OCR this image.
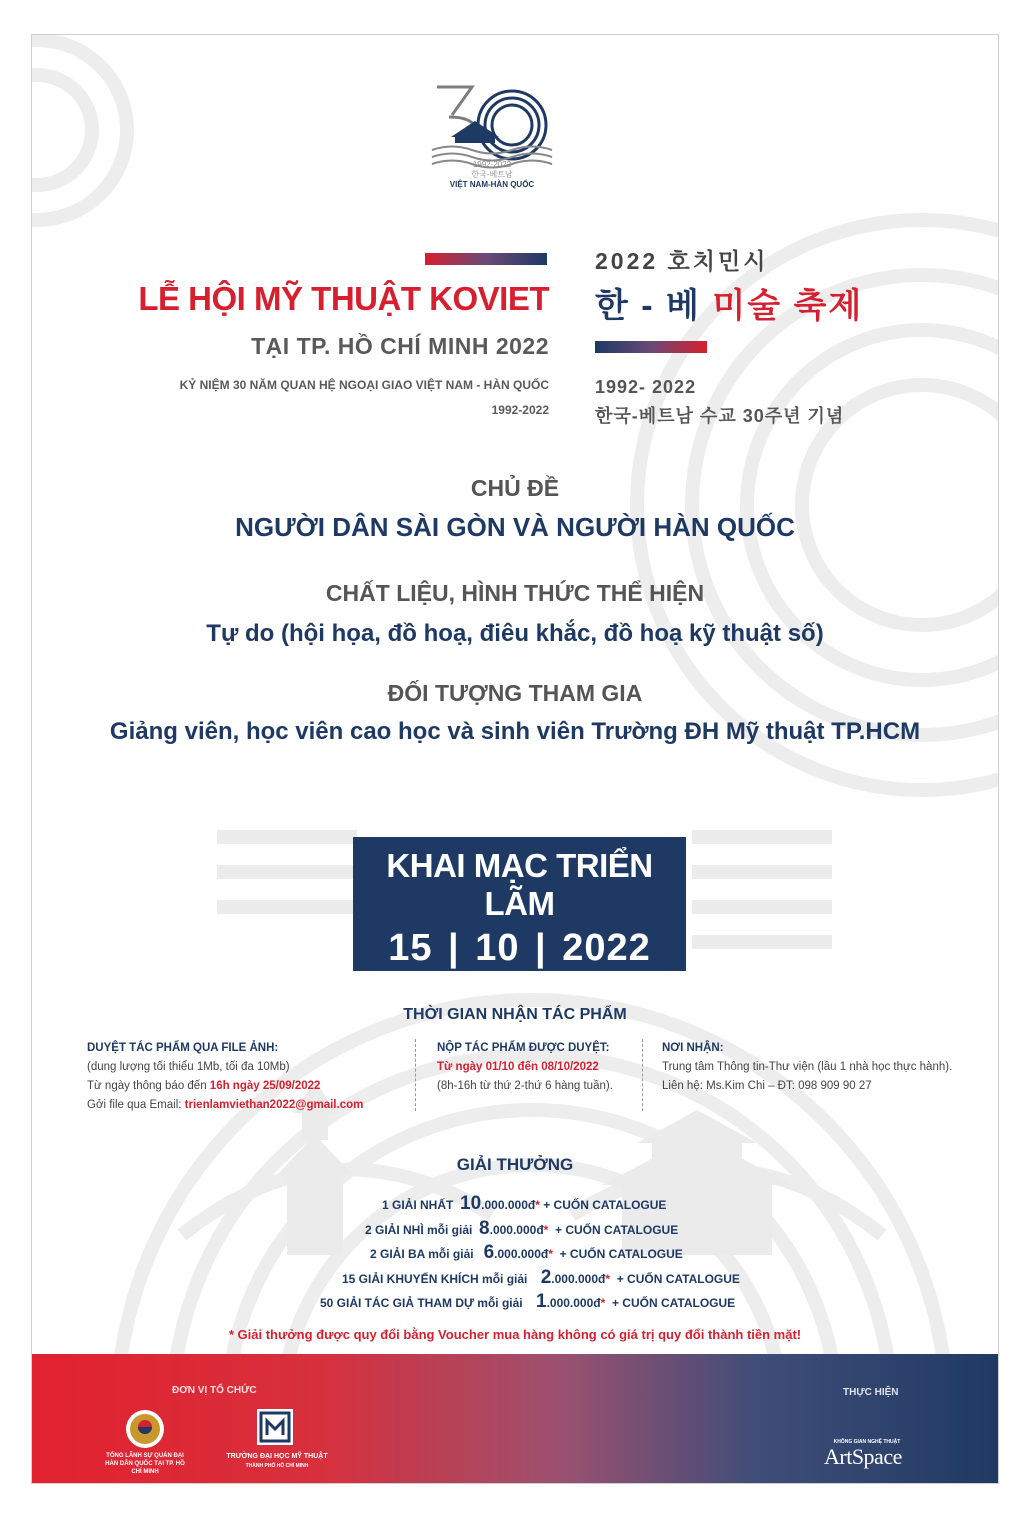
1992-2022
한국-베트남
VIỆT NAM-HÀN QUỐC
LỄ HỘI MỸ THUẬT KOVIET
TẠI TP. HỒ CHÍ MINH 2022
KỶ NIỆM 30 NĂM QUAN HỆ NGOẠI GIAO VIỆT NAM - HÀN QUỐC
1992-2022
2022 호치민시
한 - 베 미술 축제
1992- 2022
한국-베트남 수교 30주년 기념
CHỦ ĐỀ
NGƯỜI DÂN SÀI GÒN VÀ NGƯỜI HÀN QUỐC
CHẤT LIỆU, HÌNH THỨC THỂ HIỆN
Tự do (hội họa, đồ hoạ, điêu khắc, đồ hoạ kỹ thuật số)
ĐỐI TƯỢNG THAM GIA
Giảng viên, học viên cao học và sinh viên Trường ĐH Mỹ thuật TP.HCM
KHAI MẠC TRIỂN LÃM
15 | 10 | 2022
ĐỊA ĐIỂM: ARTSPACE - LẦU 1 NHÀ HỌC THỰC HÀNH
THỜI GIAN NHẬN TÁC PHẨM
DUYỆT TÁC PHẨM QUA FILE ẢNH:
(dung lượng tối thiểu 1Mb, tối đa 10Mb)
Từ ngày thông báo đến 16h ngày 25/09/2022
Gởi file qua Email: trienlamviethan2022@gmail.com
NỘP TÁC PHẨM ĐƯỢC DUYỆT:
Từ ngày 01/10 đến 08/10/2022
(8h-16h từ thứ 2-thứ 6 hàng tuần).
NƠI NHẬN:
Trung tâm Thông tin-Thư viện (lầu 1 nhà học thực hành).
Liên hệ: Ms.Kim Chi – ĐT: 098 909 90 27
GIẢI THƯỞNG
1 GIẢI NHẤT 10.000.000đ* + CUỐN CATALOGUE
2 GIẢI NHÌ mỗi giải 8.000.000đ*  + CUỐN CATALOGUE
2 GIẢI BA mỗi giải 6.000.000đ*  + CUỐN CATALOGUE
15 GIẢI KHUYẾN KHÍCH mỗi giải 2.000.000đ*  + CUỐN CATALOGUE
50 GIẢI TÁC GIẢ THAM DỰ mỗi giải 1.000.000đ*  + CUỐN CATALOGUE
* Giải thưởng được quy đổi bằng Voucher mua hàng không có giá trị quy đổi thành tiền mặt!
ĐƠN VỊ TỔ CHỨC
TỔNG LÃNH SỰ QUÁN ĐẠI HÀN DÂN QUỐC TẠI TP. HỒ CHÍ MINH
TRƯỜNG ĐẠI HỌC MỸ THUẬT
THÀNH PHỐ HỒ CHÍ MINH
THỰC HIỆN
KHÔNG GIAN NGHỆ THUẬT
ArtSpace
